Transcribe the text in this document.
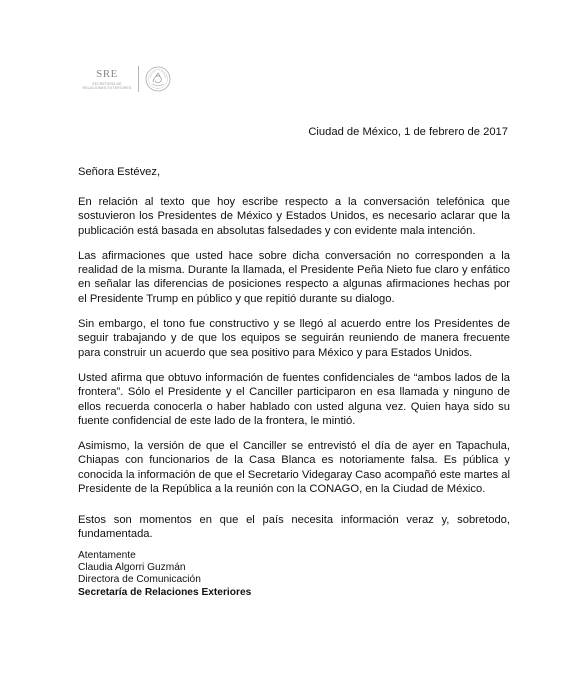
SRE
SECRETARÍA DE
RELACIONES EXTERIORES
Ciudad de México, 1 de febrero de 2017
Señora Estévez,

En relación al texto que hoy escribe respecto a la conversación telefónica que sostuvieron los Presidentes de México y Estados Unidos, es necesario aclarar que la publicación está basada en absolutas falsedades y con evidente mala intención.

Las afirmaciones que usted hace sobre dicha conversación no corresponden a la realidad de la misma. Durante la llamada, el Presidente Peña Nieto fue claro y enfático en señalar las diferencias de posiciones respecto a algunas afirmaciones hechas por el Presidente Trump en público y que repitió durante su dialogo.

Sin embargo, el tono fue constructivo y se llegó al acuerdo entre los Presidentes de seguir trabajando y de que los equipos se seguirán reuniendo de manera frecuente para construir un acuerdo que sea positivo para México y para Estados Unidos.

Usted afirma que obtuvo información de fuentes confidenciales de “ambos lados de la frontera”. Sólo el Presidente y el Canciller participaron en esa llamada y ninguno de ellos recuerda conocerla o haber hablado con usted alguna vez. Quien haya sido su fuente confidencial de este lado de la frontera, le mintió.

Asimismo, la versión de que el Canciller se entrevistó el día de ayer en Tapachula, Chiapas con funcionarios de la Casa Blanca es notoriamente falsa. Es pública y conocida la información de que el Secretario Videgaray Caso acompañó este martes al Presidente de la República a la reunión con la CONAGO, en la Ciudad de México.

Estos son momentos en que el país necesita información veraz y, sobretodo, fundamentada.

Atentamente
Claudia Algorri Guzmán
Directora de Comunicación
Secretaría de Relaciones Exteriores
